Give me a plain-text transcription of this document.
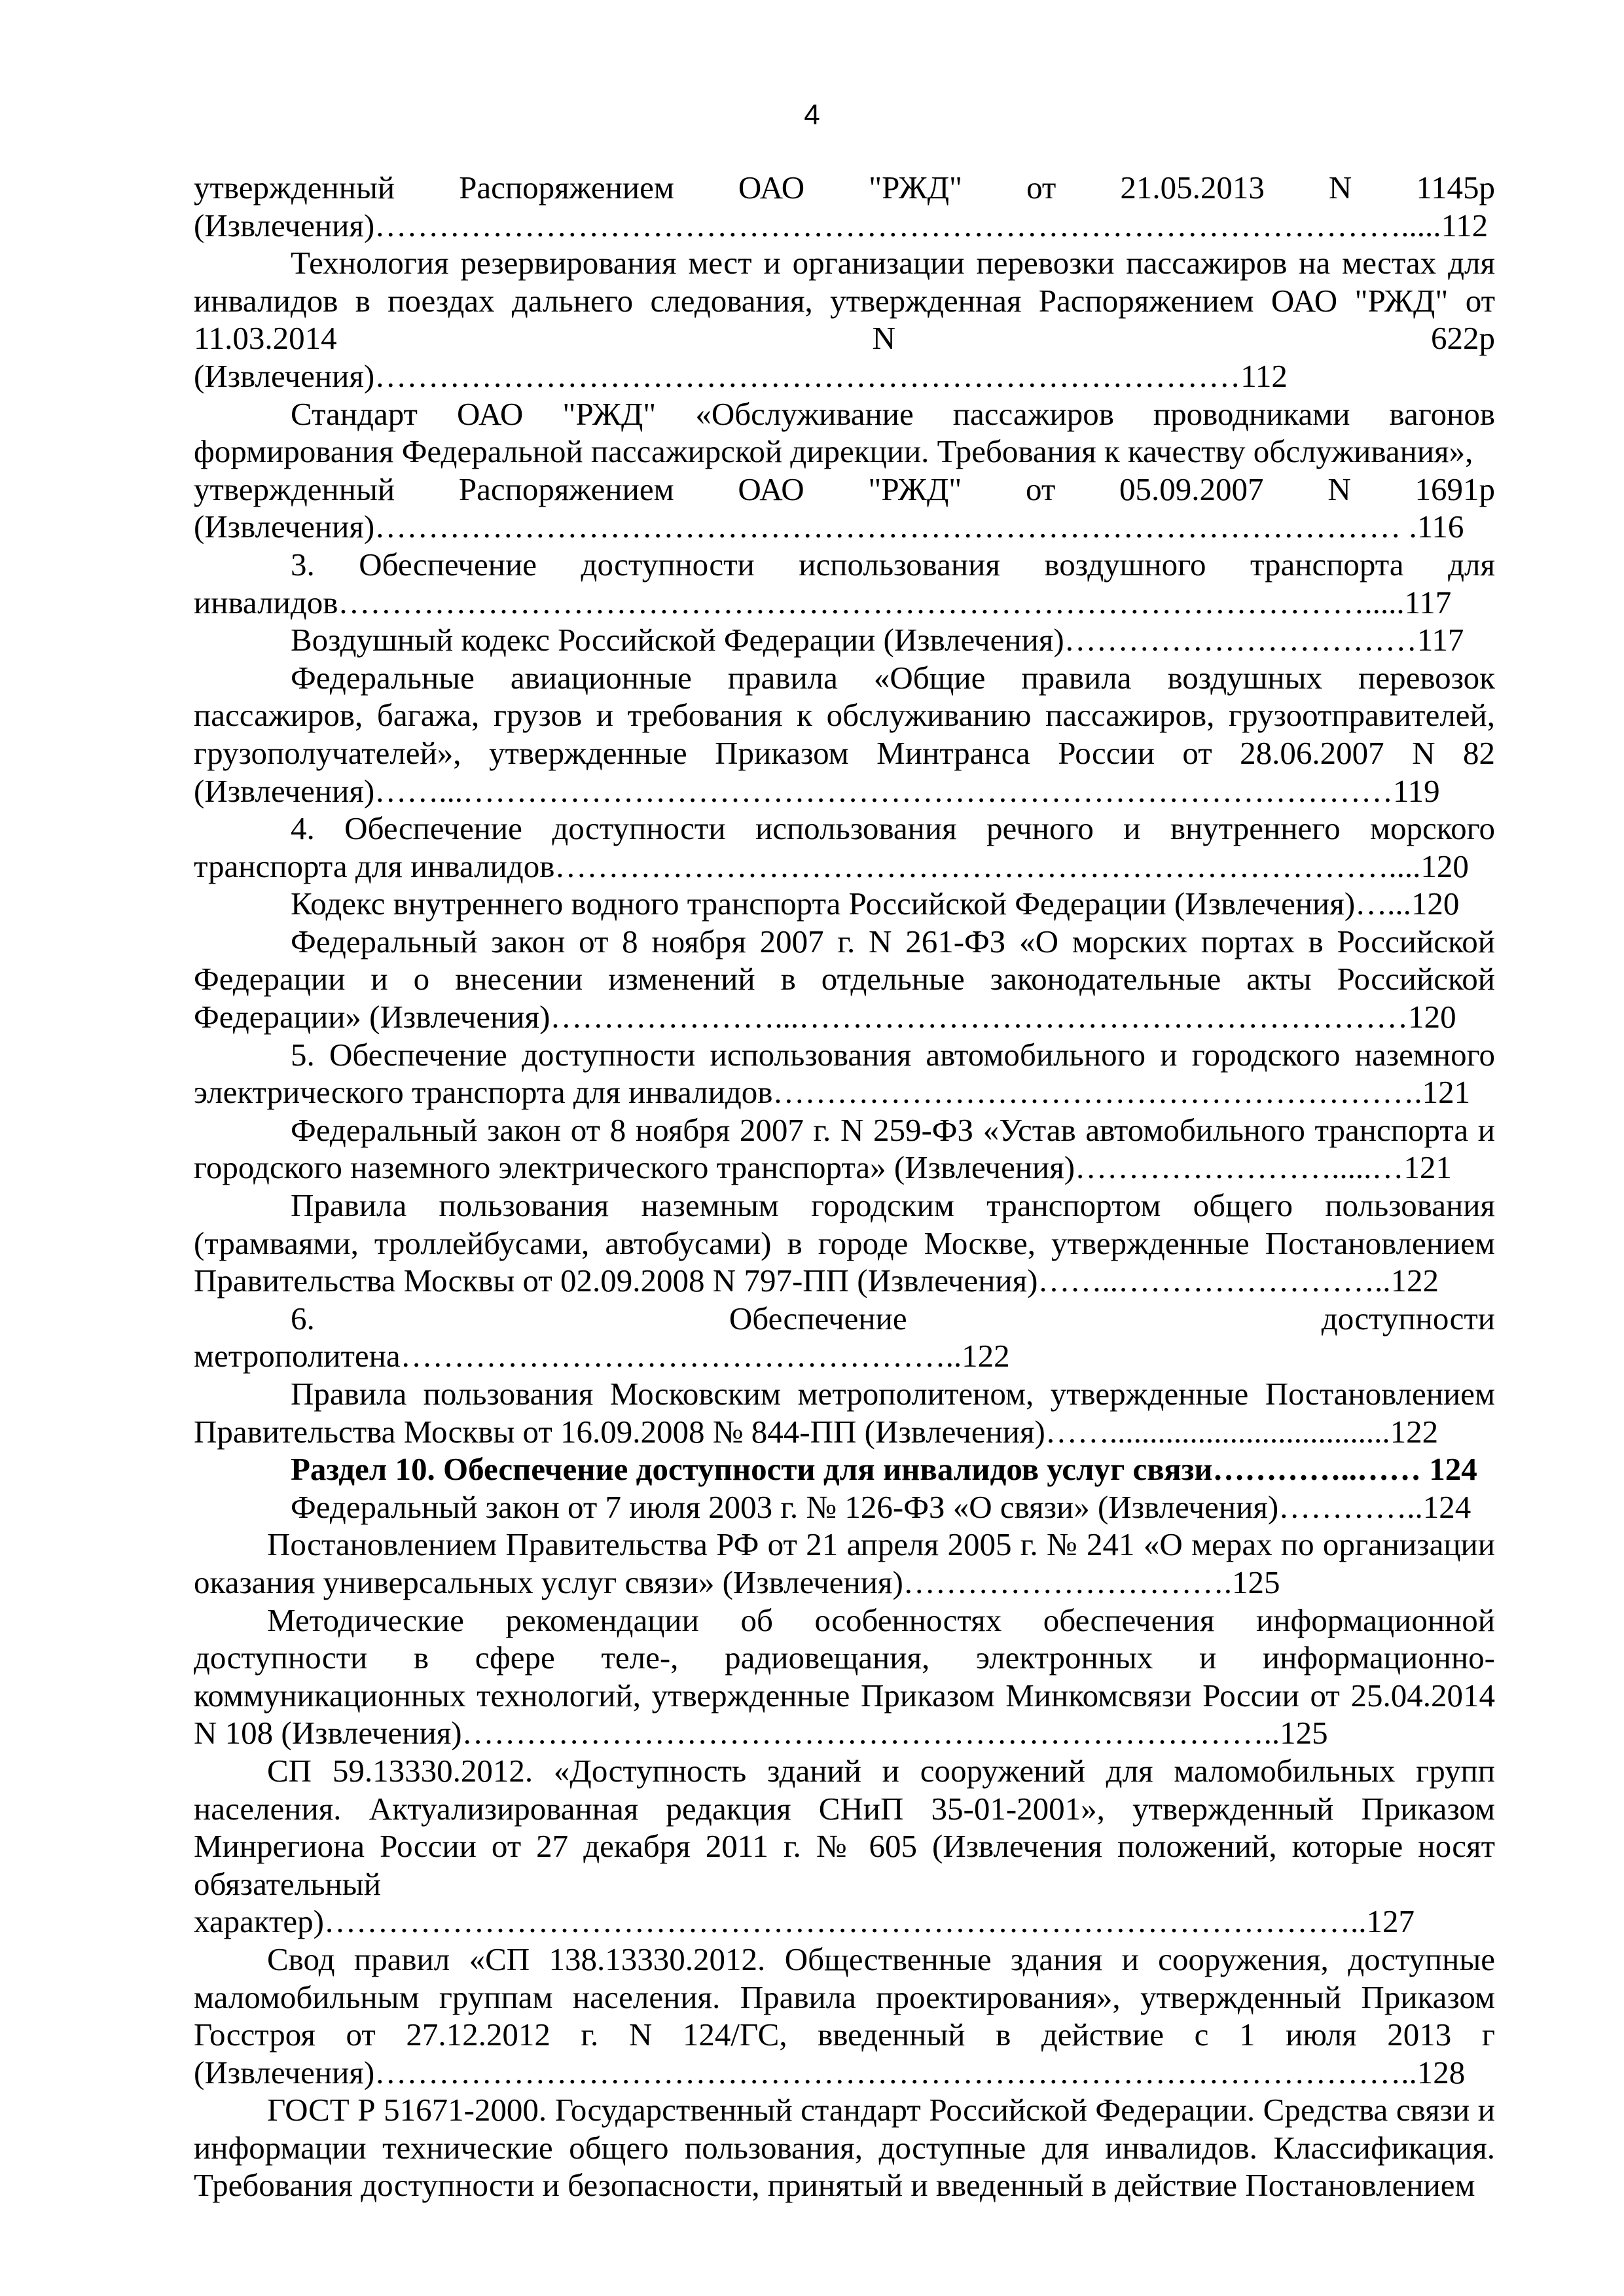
4

утвержденный Распоряжением ОАО "РЖД" от 21.05.2013 N 1145р

(Извлечения)…………………………………………………………………………………….....112

Технология резервирования мест и организации перевозки пассажиров на местах для инвалидов в поездах дальнего следования, утвержденная Распоряжением ОАО "РЖД" от 11.03.2014 N 622р (Извлечения)………………………………………………………………………112

Стандарт ОАО "РЖД" «Обслуживание пассажиров проводниками вагонов формирования Федеральной пассажирской дирекции. Требования к качеству обслуживания»,

утвержденный Распоряжением ОАО "РЖД" от 05.09.2007 N 1691р

(Извлечения)…………………………………………………………………………………… .116

3. Обеспечение доступности использования воздушного транспорта для

инвалидов…………………………………………………………………………………….....117

Воздушный кодекс Российской Федерации (Извлечения)……………………………117

Федеральные авиационные правила «Общие правила воздушных перевозок пассажиров, багажа, грузов и требования к обслуживанию пассажиров, грузоотправителей, грузополучателей», утвержденные Приказом Минтранса России от 28.06.2007 N 82 (Извлечения)……...……………………………………………………………………………119

4. Обеспечение доступности использования речного и внутреннего морского транспорта для инвалидов……………………………………………………………………....120

Кодекс внутреннего водного транспорта Российской Федерации (Извлечения)…...120

Федеральный закон от 8 ноября 2007 г. N 261-ФЗ «О морских портах в Российской Федерации и о внесении изменений в отдельные законодательные акты Российской Федерации» (Извлечения)…………………...…………………………………………………120

5. Обеспечение доступности использования автомобильного и городского наземного электрического транспорта для инвалидов…………………………………………………….121

Федеральный закон от 8 ноября 2007 г. N 259-ФЗ «Устав автомобильного транспорта и городского наземного электрического транспорта» (Извлечения)…………………….....…121

Правила пользования наземным городским транспортом общего пользования (трамваями, троллейбусами, автобусами) в городе Москве, утвержденные Постановлением Правительства Москвы от 02.09.2008 N 797-ПП (Извлечения)……..……………………..122

6. Обеспечение доступности метрополитена……………………………………………..122

Правила пользования Московским метрополитеном, утвержденные Постановлением Правительства Москвы от 16.09.2008 № 844-ПП (Извлечения)……...................................122

Раздел 10. Обеспечение доступности для инвалидов услуг связи…………..…… 124

Федеральный закон от 7 июля 2003 г. № 126-ФЗ «О связи» (Извлечения)…………..124

Постановлением Правительства РФ от 21 апреля 2005 г. № 241 «О мерах по организации оказания универсальных услуг связи» (Извлечения)………………………….125

Методические рекомендации об особенностях обеспечения информационной доступности в сфере теле-, радиовещания, электронных и информационно-коммуникационных технологий, утвержденные Приказом Минкомсвязи России от 25.04.2014 N 108 (Извлечения)…………………………………………………………………..125

СП 59.13330.2012. «Доступность зданий и сооружений для маломобильных групп населения. Актуализированная редакция СНиП 35-01-2001», утвержденный Приказом Минрегиона России от 27 декабря 2011 г. № 605 (Извлечения положений, которые носят обязательный

характер)……………………………………………………………………………………..127

Свод правил «СП 138.13330.2012. Общественные здания и сооружения, доступные маломобильным группам населения. Правила проектирования», утвержденный Приказом Госстроя от 27.12.2012 г. N 124/ГС, введенный в действие с 1 июля 2013 г (Извлечения)……………………………………………………………………………………..128

ГОСТ Р 51671-2000. Государственный стандарт Российской Федерации. Средства связи и информации технические общего пользования, доступные для инвалидов. Классификация. Требования доступности и безопасности, принятый и введенный в действие Постановлением
